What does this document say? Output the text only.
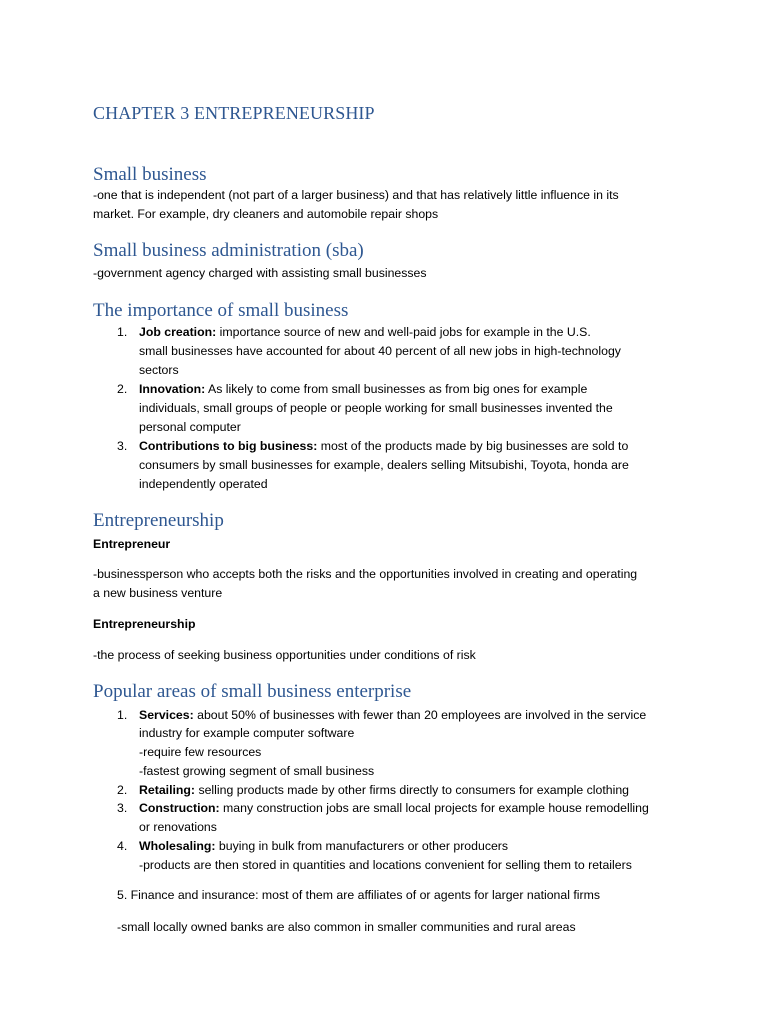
CHAPTER 3 ENTREPRENEURSHIP
Small business
-one that is independent (not part of a larger business) and that has relatively little influence in its
market. For example, dry cleaners and automobile repair shops
Small business administration (sba)
-government agency charged with assisting small businesses
The importance of small business
1. Job creation: importance source of new and well-paid jobs for example in the U.S.
small businesses have accounted for about 40 percent of all new jobs in high-technology
sectors
2. Innovation: As likely to come from small businesses as from big ones for example
individuals, small groups of people or people working for small businesses invented the
personal computer
3. Contributions to big business: most of the products made by big businesses are sold to
consumers by small businesses for example, dealers selling Mitsubishi, Toyota, honda are
independently operated
Entrepreneurship
Entrepreneur
-businessperson who accepts both the risks and the opportunities involved in creating and operating
a new business venture
Entrepreneurship
-the process of seeking business opportunities under conditions of risk
Popular areas of small business enterprise
1. Services: about 50% of businesses with fewer than 20 employees are involved in the service
industry for example computer software
-require few resources
-fastest growing segment of small business
2. Retailing: selling products made by other firms directly to consumers for example clothing
3. Construction: many construction jobs are small local projects for example house remodelling
or renovations
4. Wholesaling: buying in bulk from manufacturers or other producers
-products are then stored in quantities and locations convenient for selling them to retailers
5. Finance and insurance: most of them are affiliates of or agents for larger national firms
-small locally owned banks are also common in smaller communities and rural areas
